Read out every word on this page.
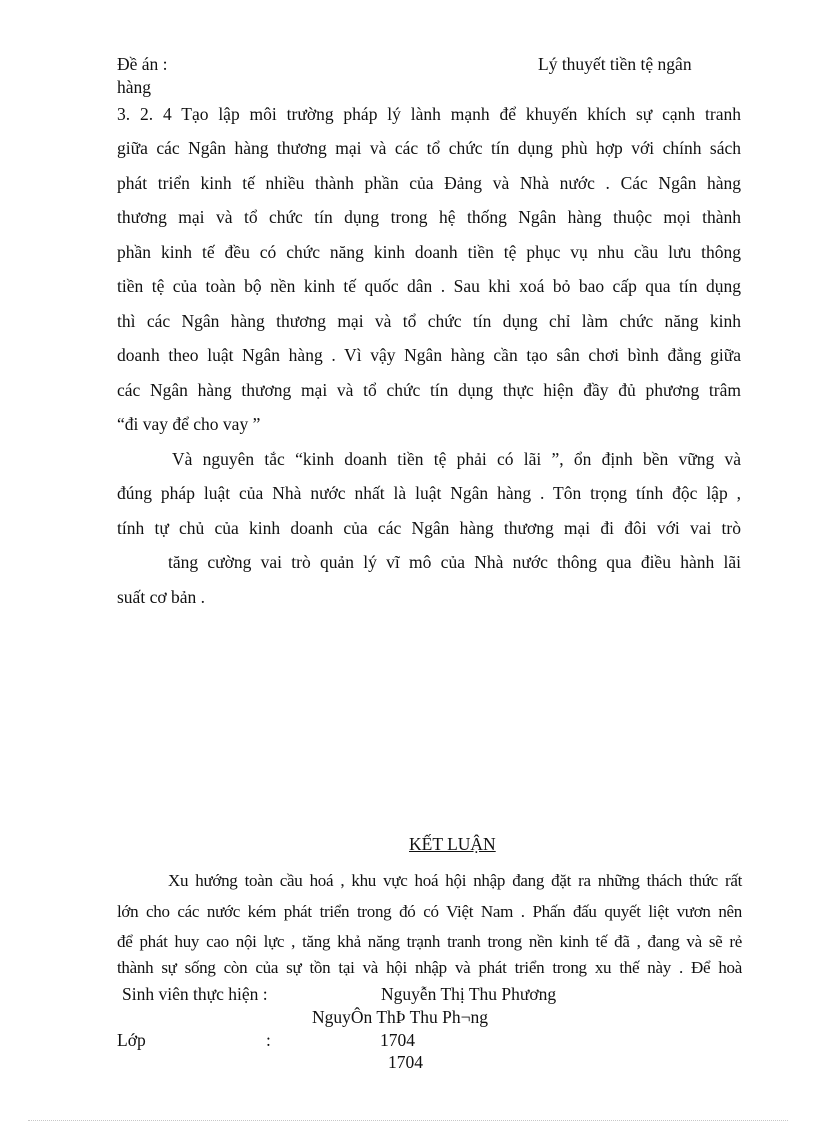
Đề án :	Lý thuyết tiền tệ ngân
hàng
3. 2. 4 Tạo lập môi trường pháp lý lành mạnh để khuyến khích sự cạnh tranh
giữa các Ngân hàng thương mại và các tổ chức tín dụng phù hợp với chính sách
phát triển kinh tế nhiều thành phần của Đảng và Nhà nước . Các Ngân hàng
thương mại và tổ chức tín dụng trong hệ thống Ngân hàng thuộc mọi thành
phần kinh tế đều có chức năng kinh doanh tiền tệ phục vụ nhu cầu lưu thông
tiền tệ của toàn bộ nền kinh tế quốc dân . Sau khi xoá bỏ bao cấp qua tín dụng
thì các Ngân hàng thương mại và tổ chức tín dụng chỉ làm chức năng kinh
doanh theo luật Ngân hàng . Vì vậy Ngân hàng cần tạo sân chơi bình đẳng giữa
các Ngân hàng thương mại và tổ chức tín dụng thực hiện đầy đủ phương trâm
“đi vay để cho vay ”
Và nguyên tắc “kinh doanh tiền tệ phải có lãi ”, ổn định bền vững và
đúng pháp luật của Nhà nước nhất là luật Ngân hàng . Tôn trọng tính độc lập ,
tính tự chủ của kinh doanh của các Ngân hàng thương mại đi đôi với vai trò
tăng cường vai trò quản lý vĩ mô của Nhà nước thông qua điều hành lãi
suất cơ bản .
KẾT LUẬN
Xu hướng toàn cầu hoá , khu vực hoá hội nhập đang đặt ra những thách thức rất
lớn cho các nước kém phát triển trong đó có Việt Nam . Phấn đấu quyết liệt vươn nên
để phát huy cao nội lực , tăng khả năng trạnh tranh trong nền kinh tế đã , đang và sẽ rẻ
thành sự sống còn của sự tồn tại và hội nhập và phát triển trong xu thế này . Để hoà
Sinh viên thực hiện :	Nguyễn Thị Thu Phương
NguyÔn ThÞ Thu Ph¬ng
Lớp	:	1704
1704
